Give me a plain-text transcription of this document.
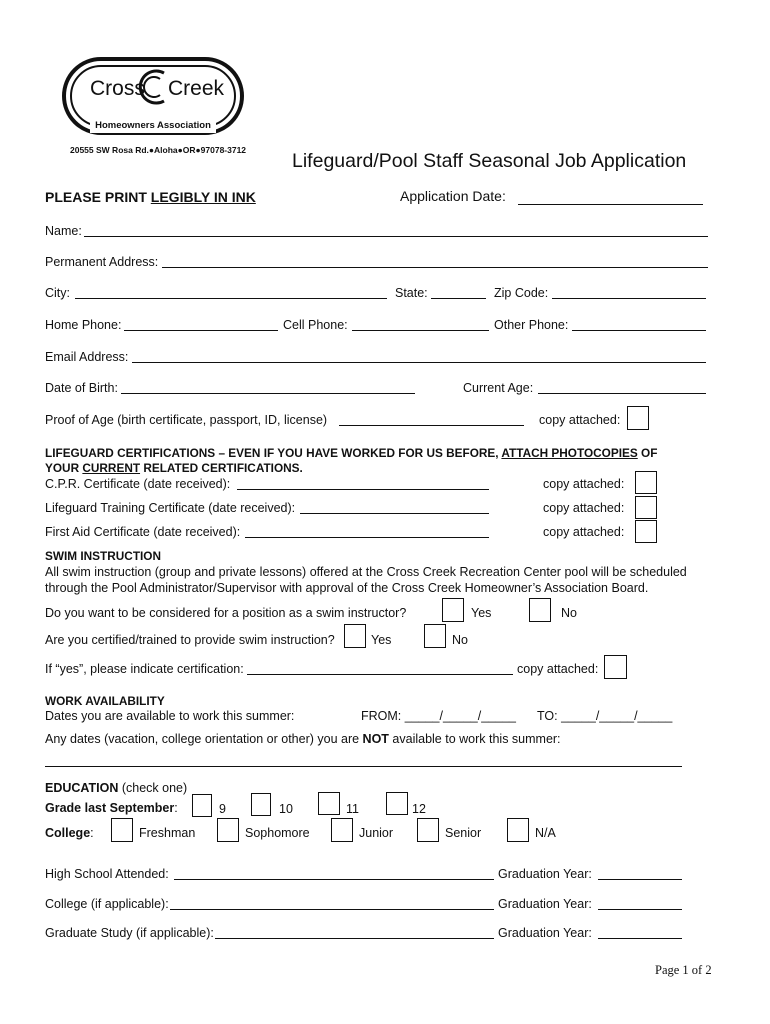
Cross Creek
Homeowners Association
20555 SW Rosa Rd.●Aloha●OR●97078-3712 Lifeguard/Pool Staff Seasonal Job Application
PLEASE PRINT LEGIBLY IN INK	Application Date:
Name:
Permanent Address:
City:	State:	Zip Code:
Home Phone:	Cell Phone:	Other Phone:
Email Address:
Date of Birth:	Current Age:
Proof of Age (birth certificate, passport, ID, license)	copy attached:
LIFEGUARD CERTIFICATIONS – EVEN IF YOU HAVE WORKED FOR US BEFORE, ATTACH PHOTOCOPIES OF
YOUR CURRENT RELATED CERTIFICATIONS.
C.P.R. Certificate (date received):	copy attached:
Lifeguard Training Certificate (date received):	copy attached:
First Aid Certificate (date received):	copy attached:
SWIM INSTRUCTION
All swim instruction (group and private lessons) offered at the Cross Creek Recreation Center pool will be scheduled
through the Pool Administrator/Supervisor with approval of the Cross Creek Homeowner’s Association Board.
Do you want to be considered for a position as a swim instructor?	Yes	No
Are you certified/trained to provide swim instruction?	Yes	No
If “yes”, please indicate certification:	copy attached:
WORK AVAILABILITY
Dates you are available to work this summer:	FROM: _____/_____/_____ TO: _____/_____/_____
Any dates (vacation, college orientation or other) you are NOT available to work this summer:
EDUCATION (check one)
Grade last September:	9	10	11	12
College:	Freshman	Sophomore	Junior	Senior	N/A
High School Attended:	Graduation Year:
College (if applicable):	Graduation Year:
Graduate Study (if applicable):	Graduation Year:
Page 1 of 2
